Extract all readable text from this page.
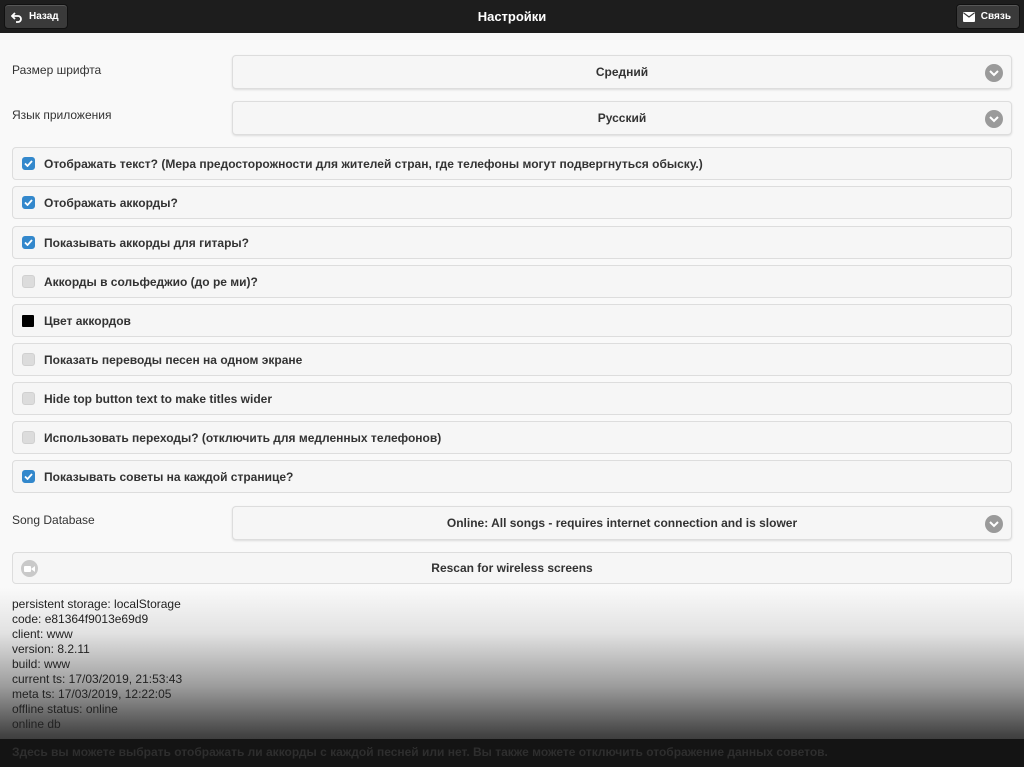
Назад	Настройки	Связь
Размер шрифта	Средний
Язык приложения	Русский
Отображать текст? (Мера предосторожности для жителей стран, где телефоны могут подвергнуться обыску.)
Отображать аккорды?
Показывать аккорды для гитары?
Аккорды в сольфеджио (до ре ми)?
Цвет аккордов
Показать переводы песен на одном экране
Hide top button text to make titles wider
Использовать переходы? (отключить для медленных телефонов)
Показывать советы на каждой странице?
Song Database	Online: All songs - requires internet connection and is slower
Rescan for wireless screens
persistent storage: localStorage
code: e81364f9013e69d9
client: www
version: 8.2.11
build: www
current ts: 17/03/2019, 21:53:43
meta ts: 17/03/2019, 12:22:05
offline status: online
online db
Здесь вы можете выбрать отображать ли аккорды с каждой песней или нет. Вы также можете отключить отображение данных советов.
